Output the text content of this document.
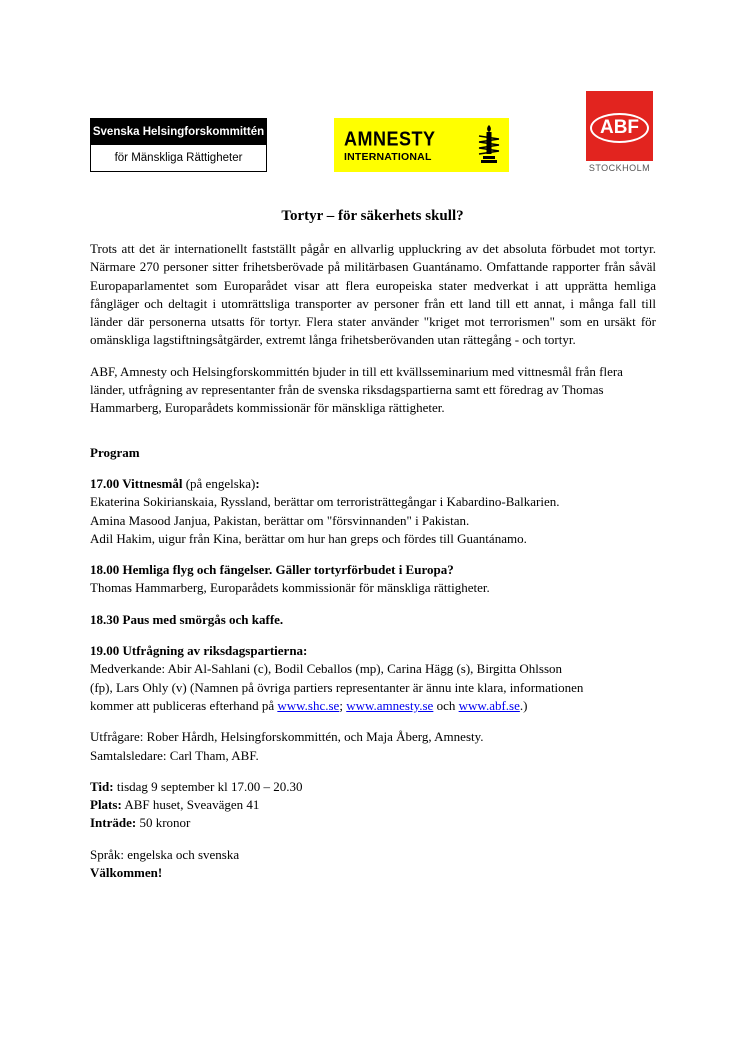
Svenska Helsingforskommittén
för Mänskliga Rättigheter
AMNESTY
INTERNATIONAL
ABF
STOCKHOLM
Tortyr – för säkerhets skull?

Trots att det är internationellt fastställt pågår en allvarlig uppluckring av det absoluta förbudet mot tortyr. Närmare 270 personer sitter frihetsberövade på militärbasen Guantánamo. Omfattande rapporter från såväl Europaparlamentet som Europarådet visar att flera europeiska stater medverkat i att upprätta hemliga fångläger och deltagit i utomrättsliga transporter av personer från ett land till ett annat, i många fall till länder där personerna utsatts för tortyr. Flera stater använder "kriget mot terrorismen" som en ursäkt för omänskliga lagstiftningsåtgärder, extremt långa frihetsberövanden utan rättegång - och tortyr.

ABF, Amnesty och Helsingforskommittén bjuder in till ett kvällsseminarium med vittnesmål från flera länder, utfrågning av representanter från de svenska riksdagspartierna samt ett föredrag av Thomas Hammarberg, Europarådets kommissionär för mänskliga rättigheter.

Program

17.00 Vittnesmål (på engelska):

Ekaterina Sokirianskaia, Ryssland, berättar om terroristrättegångar i Kabardino-Balkarien.

Amina Masood Janjua, Pakistan, berättar om "försvinnanden" i Pakistan.

Adil Hakim, uigur från Kina, berättar om hur han greps och fördes till Guantánamo.

18.00 Hemliga flyg och fängelser. Gäller tortyrförbudet i Europa?

Thomas Hammarberg, Europarådets kommissionär för mänskliga rättigheter.

18.30 Paus med smörgås och kaffe.

19.00 Utfrågning av riksdagspartierna:

Medverkande: Abir Al-Sahlani (c), Bodil Ceballos (mp), Carina Hägg (s), Birgitta Ohlsson

(fp), Lars Ohly (v) (Namnen på övriga partiers representanter är ännu inte klara, informationen

kommer att publiceras efterhand på www.shc.se; www.amnesty.se och www.abf.se.)

Utfrågare: Rober Hårdh, Helsingforskommittén, och Maja Åberg, Amnesty.

Samtalsledare: Carl Tham, ABF.

Tid: tisdag 9 september kl 17.00 – 20.30

Plats: ABF huset, Sveavägen 41

Inträde: 50 kronor

Språk: engelska och svenska

Välkommen!
